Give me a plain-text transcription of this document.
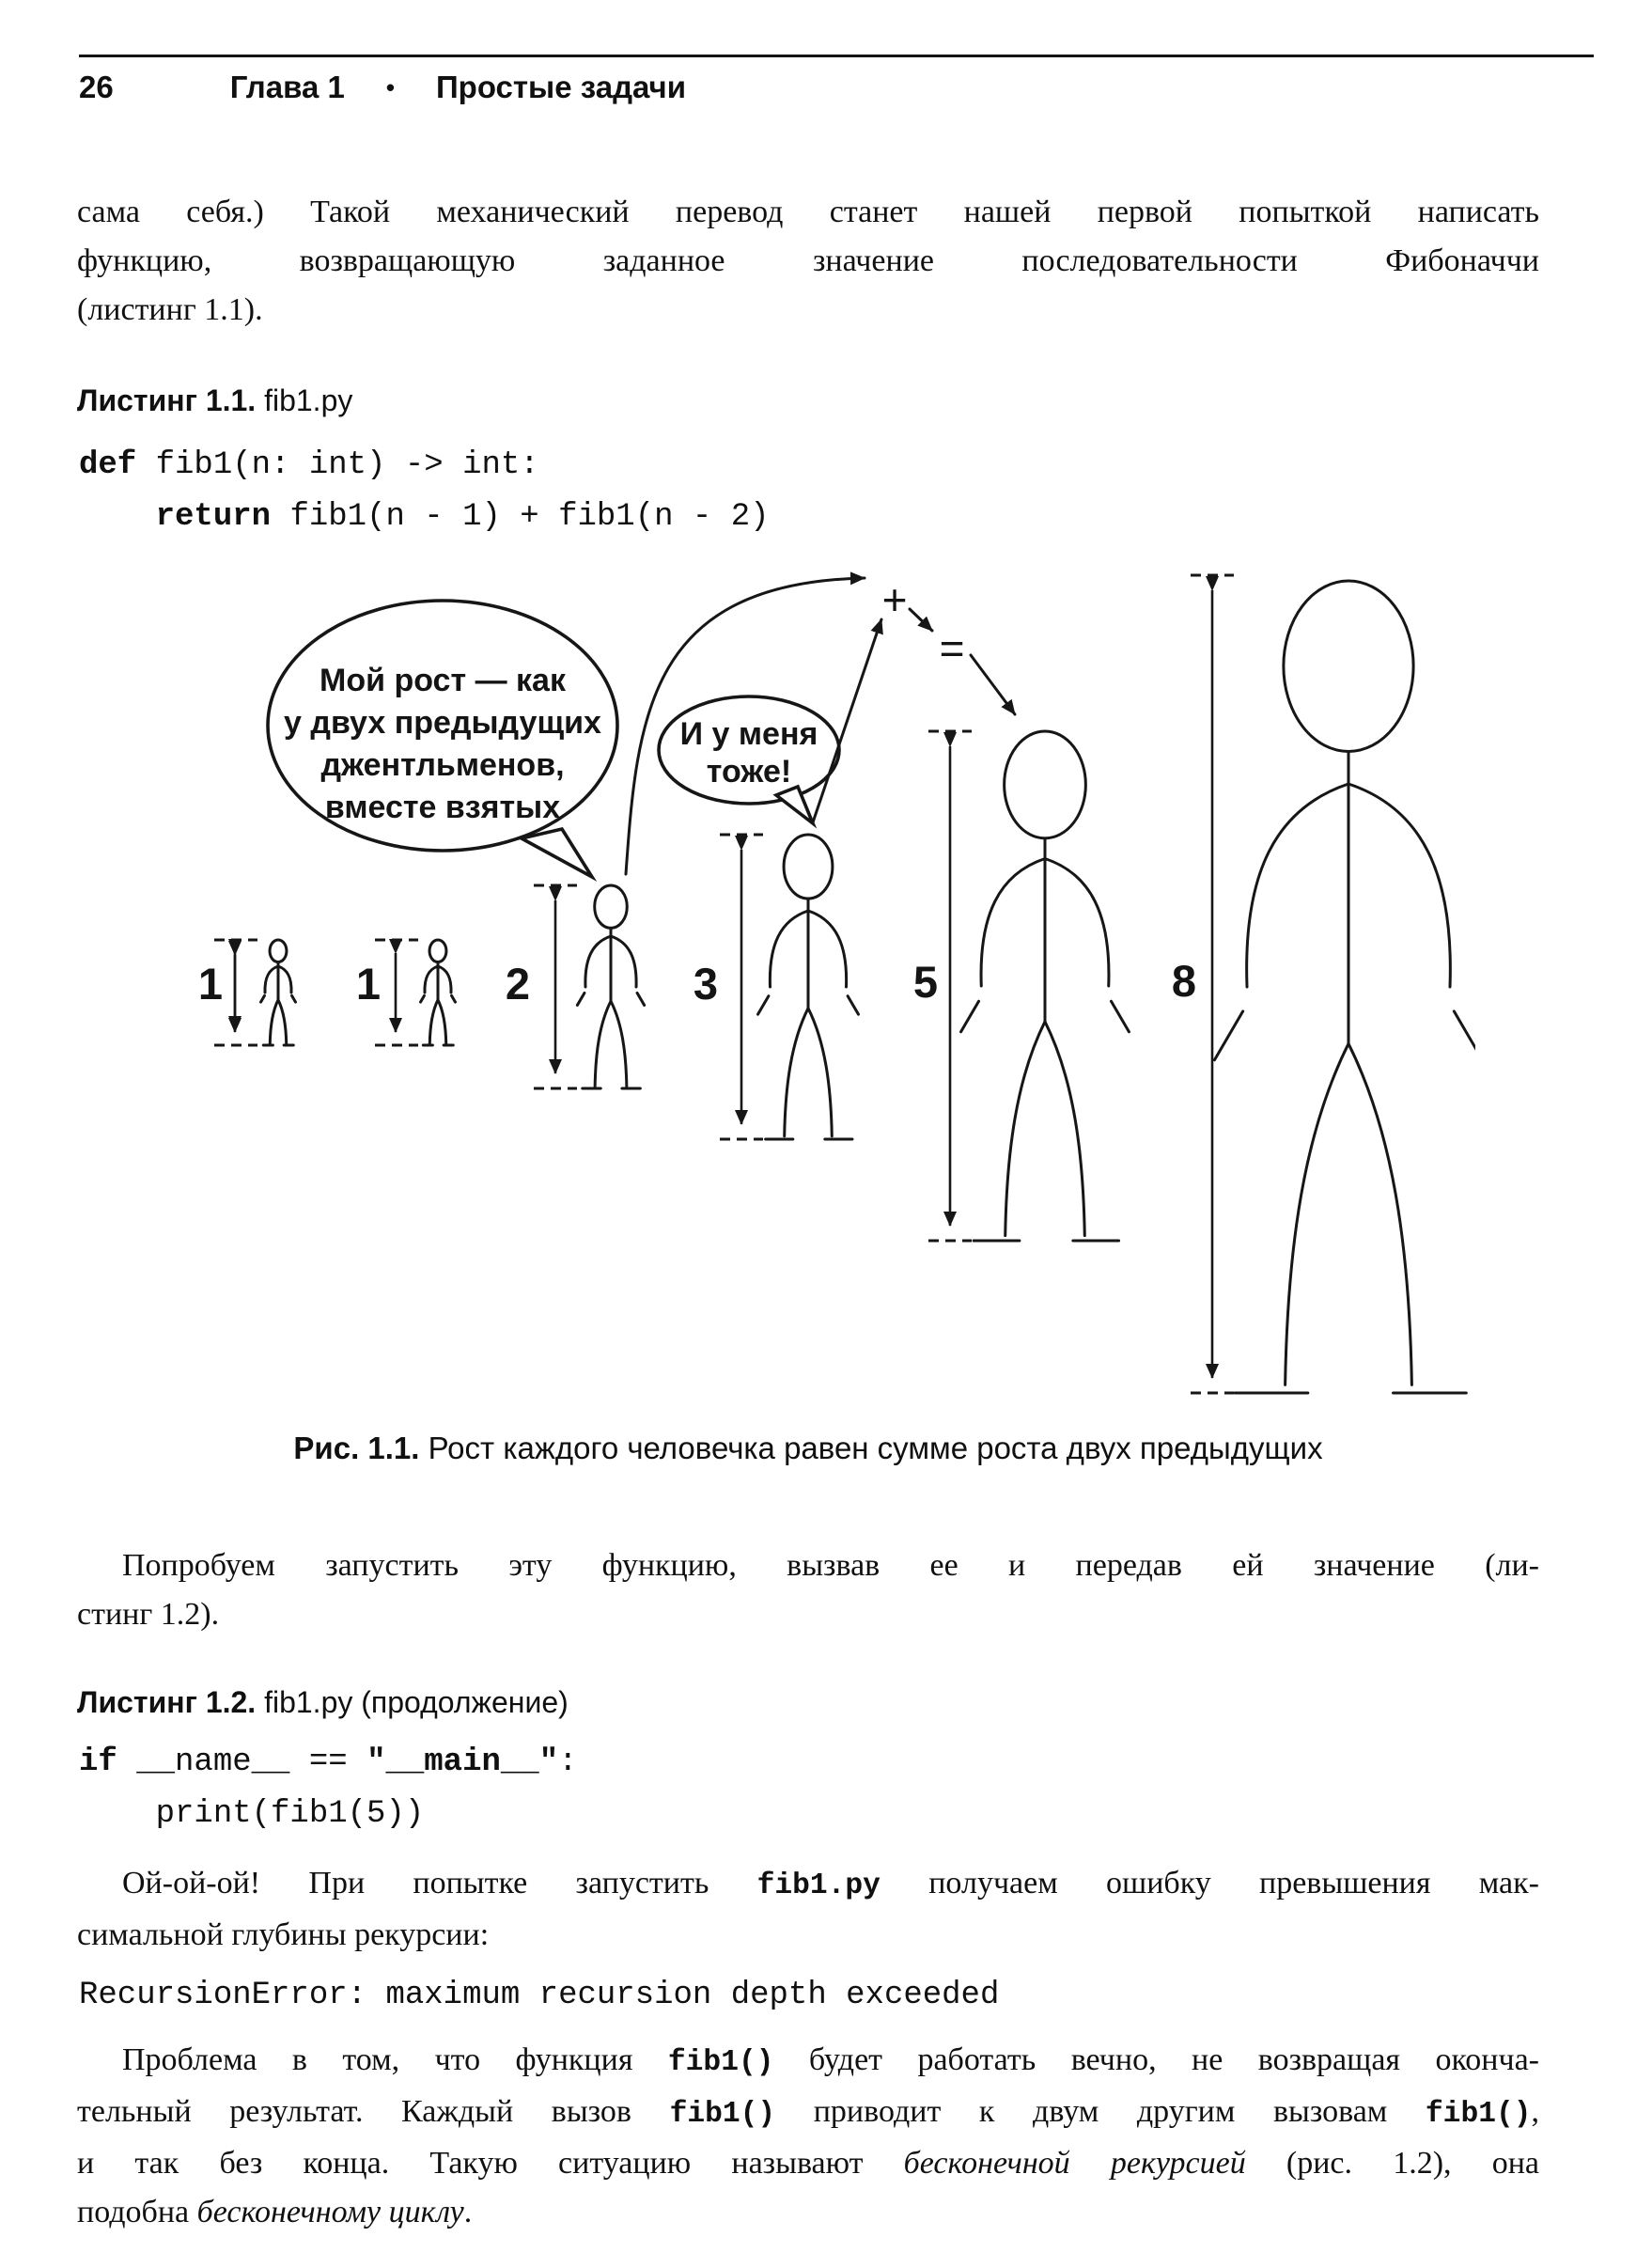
26	Глава 1 • Простые задачи
сама себя.) Такой механический перевод станет нашей первой попыткой написать
функцию, возвращающую заданное значение последовательности Фибоначчи
(листинг 1.1).
Листинг 1.1. fib1.py
def fib1(n: int) -> int:
return fib1(n - 1) + fib1(n - 2)
Мой рост — как
у двух предыдущих
джентльменов,
вместе взятых
И у меня
тоже!
+
=
1	1	2	3	5	8
Рис. 1.1. Рост каждого человечка равен сумме роста двух предыдущих
Попробуем запустить эту функцию, вызвав ее и передав ей значение (ли-
стинг 1.2).
Листинг 1.2. fib1.py (продолжение)
if __name__ == "__main__":
print(fib1(5))
Ой-ой-ой! При попытке запустить fib1.py получаем ошибку превышения мак-
симальной глубины рекурсии:
RecursionError: maximum recursion depth exceeded
Проблема в том, что функция fib1() будет работать вечно, не возвращая оконча-
тельный результат. Каждый вызов fib1() приводит к двум другим вызовам fib1(),
и так без конца. Такую ситуацию называют бесконечной рекурсией (рис. 1.2), она
подобна бесконечному циклу.
